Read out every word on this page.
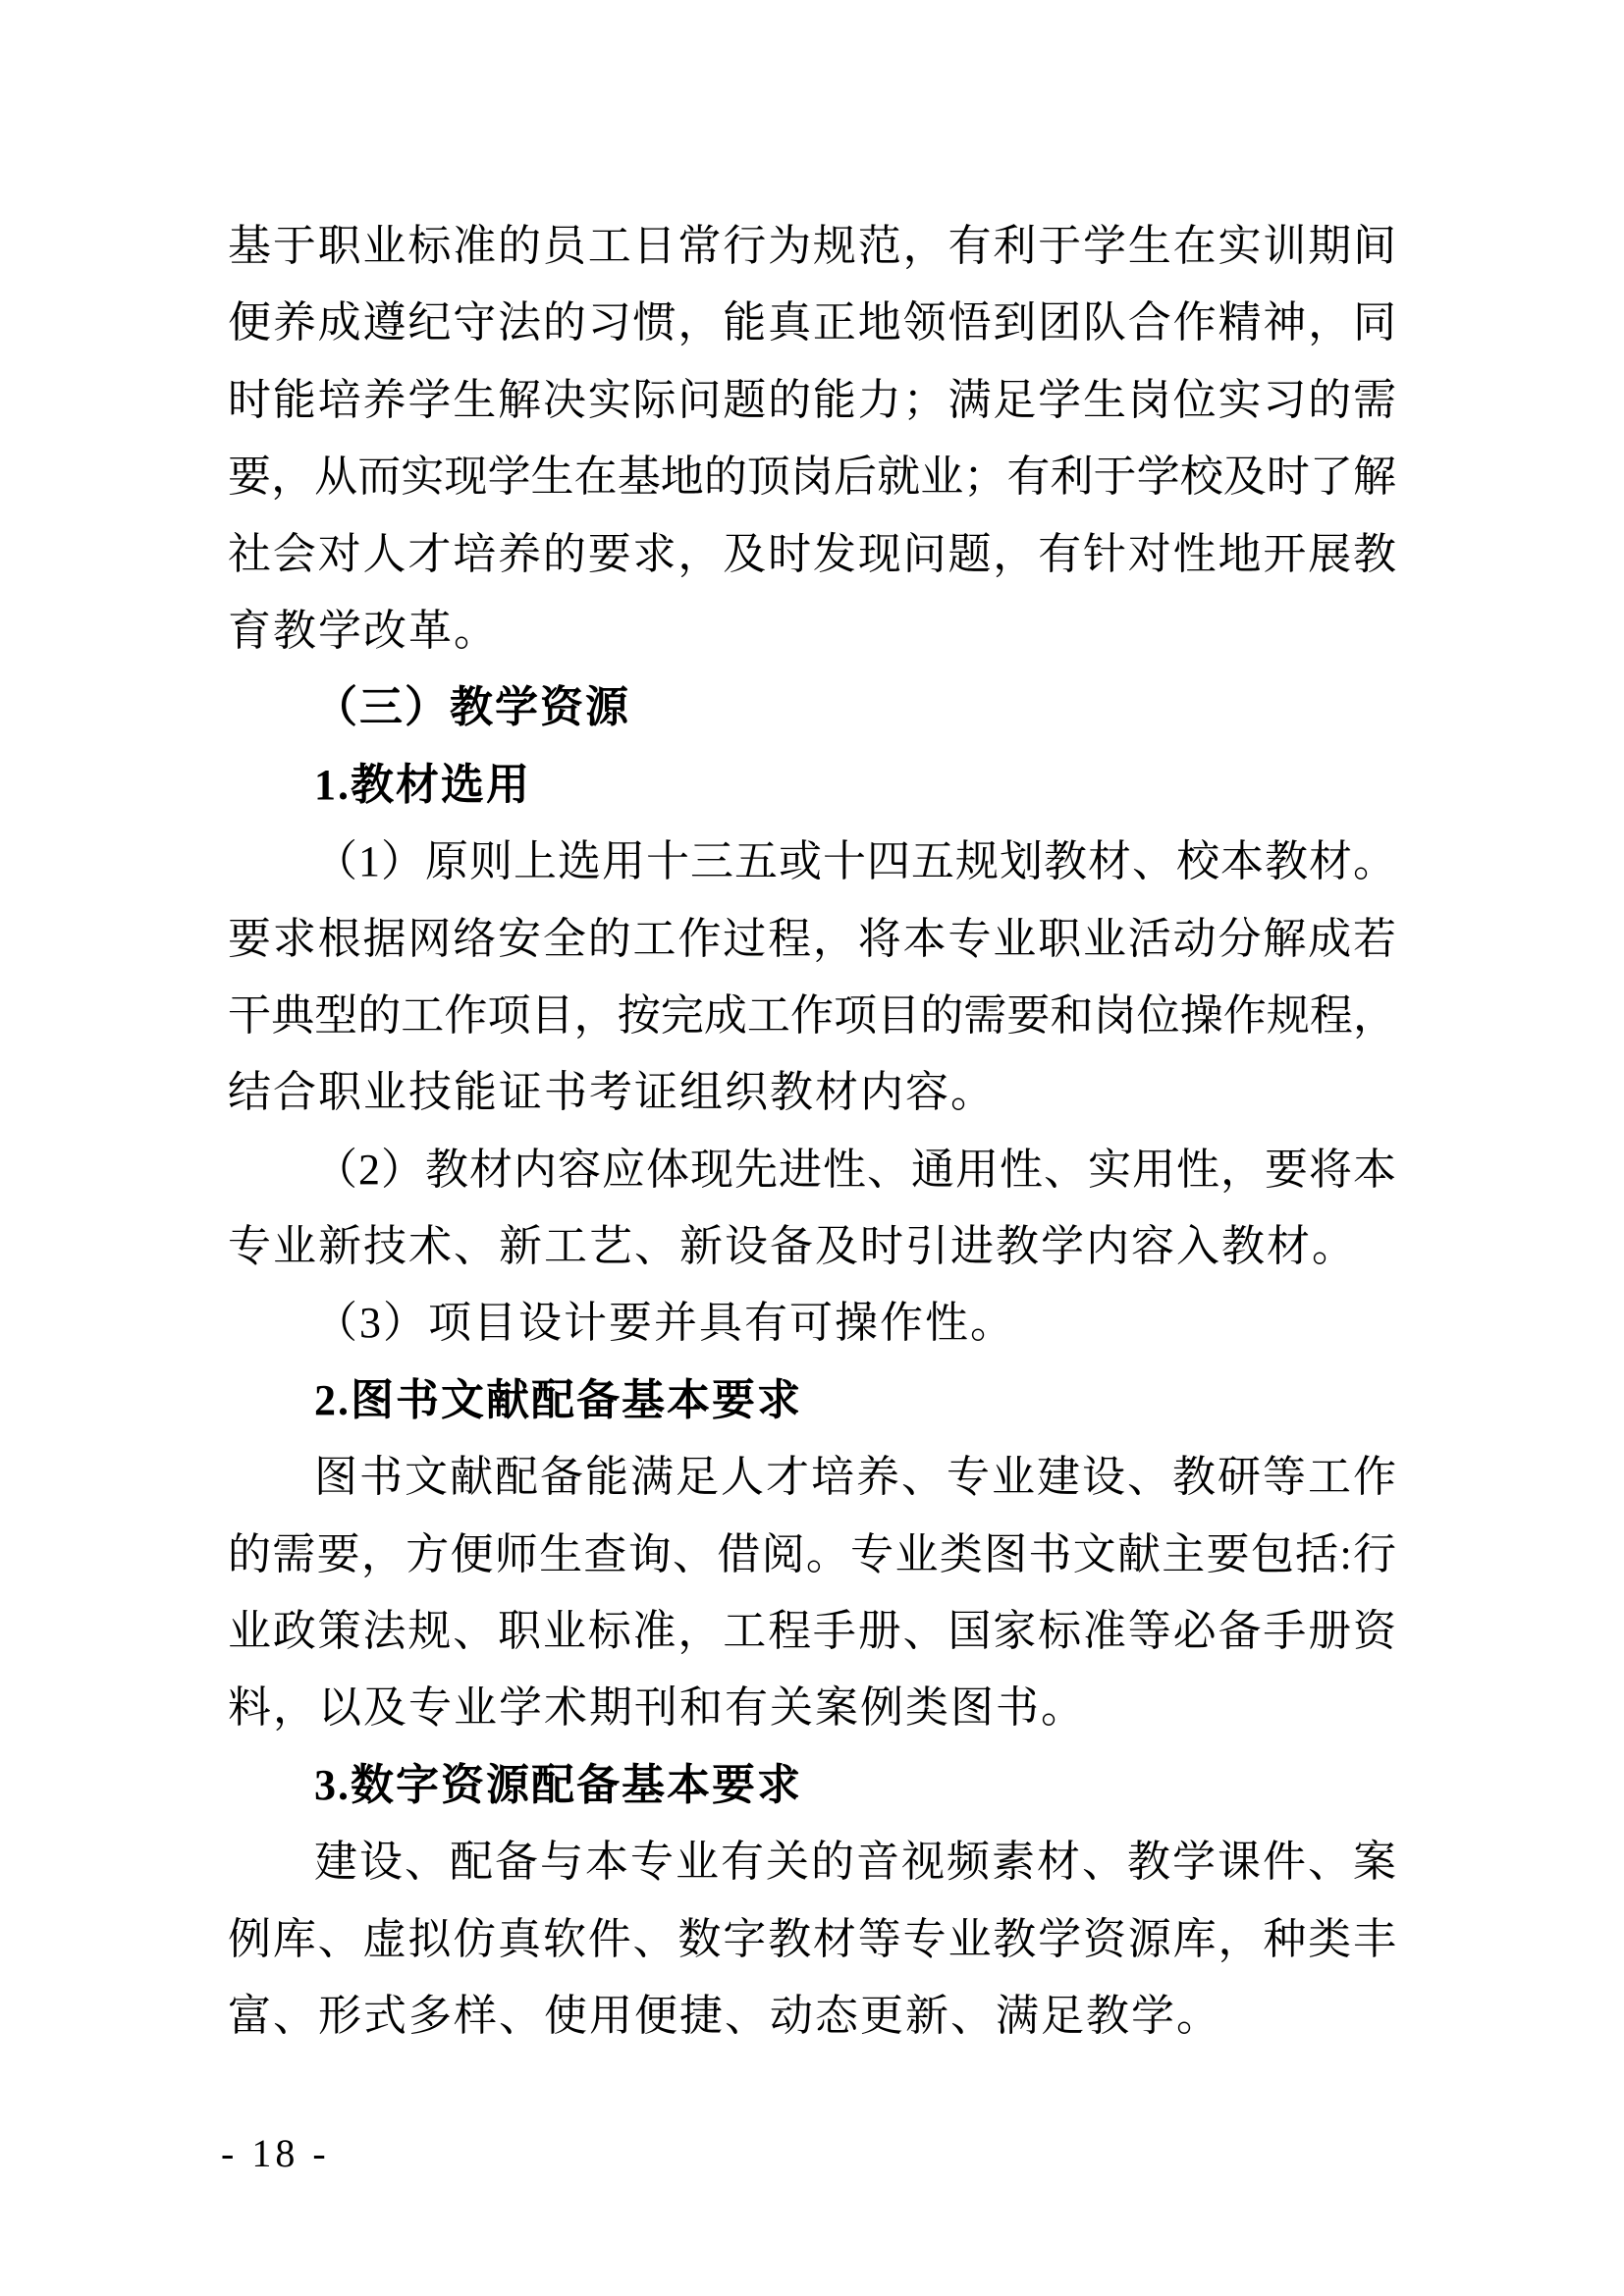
基于职业标准的员工日常行为规范，有利于学生在实训期间
便养成遵纪守法的习惯，能真正地领悟到团队合作精神，同
时能培养学生解决实际问题的能力；满足学生岗位实习的需
要，从而实现学生在基地的顶岗后就业；有利于学校及时了解
社会对人才培养的要求，及时发现问题，有针对性地开展教
育教学改革。
（三）教学资源
1.教材选用
（1）原则上选用十三五或十四五规划教材、校本教材。
要求根据网络安全的工作过程，将本专业职业活动分解成若
干典型的工作项目，按完成工作项目的需要和岗位操作规程，
结合职业技能证书考证组织教材内容。
（2）教材内容应体现先进性、通用性、实用性，要将本
专业新技术、新工艺、新设备及时引进教学内容入教材。
（3）项目设计要并具有可操作性。
2.图书文献配备基本要求
图书文献配备能满足人才培养、专业建设、教研等工作
的需要，方便师生查询、借阅。专业类图书文献主要包括:行
业政策法规、职业标准，工程手册、国家标准等必备手册资
料，以及专业学术期刊和有关案例类图书。
3.数字资源配备基本要求
建设、配备与本专业有关的音视频素材、教学课件、案
例库、虚拟仿真软件、数字教材等专业教学资源库，种类丰
富、形式多样、使用便捷、动态更新、满足教学。
- 18 -
